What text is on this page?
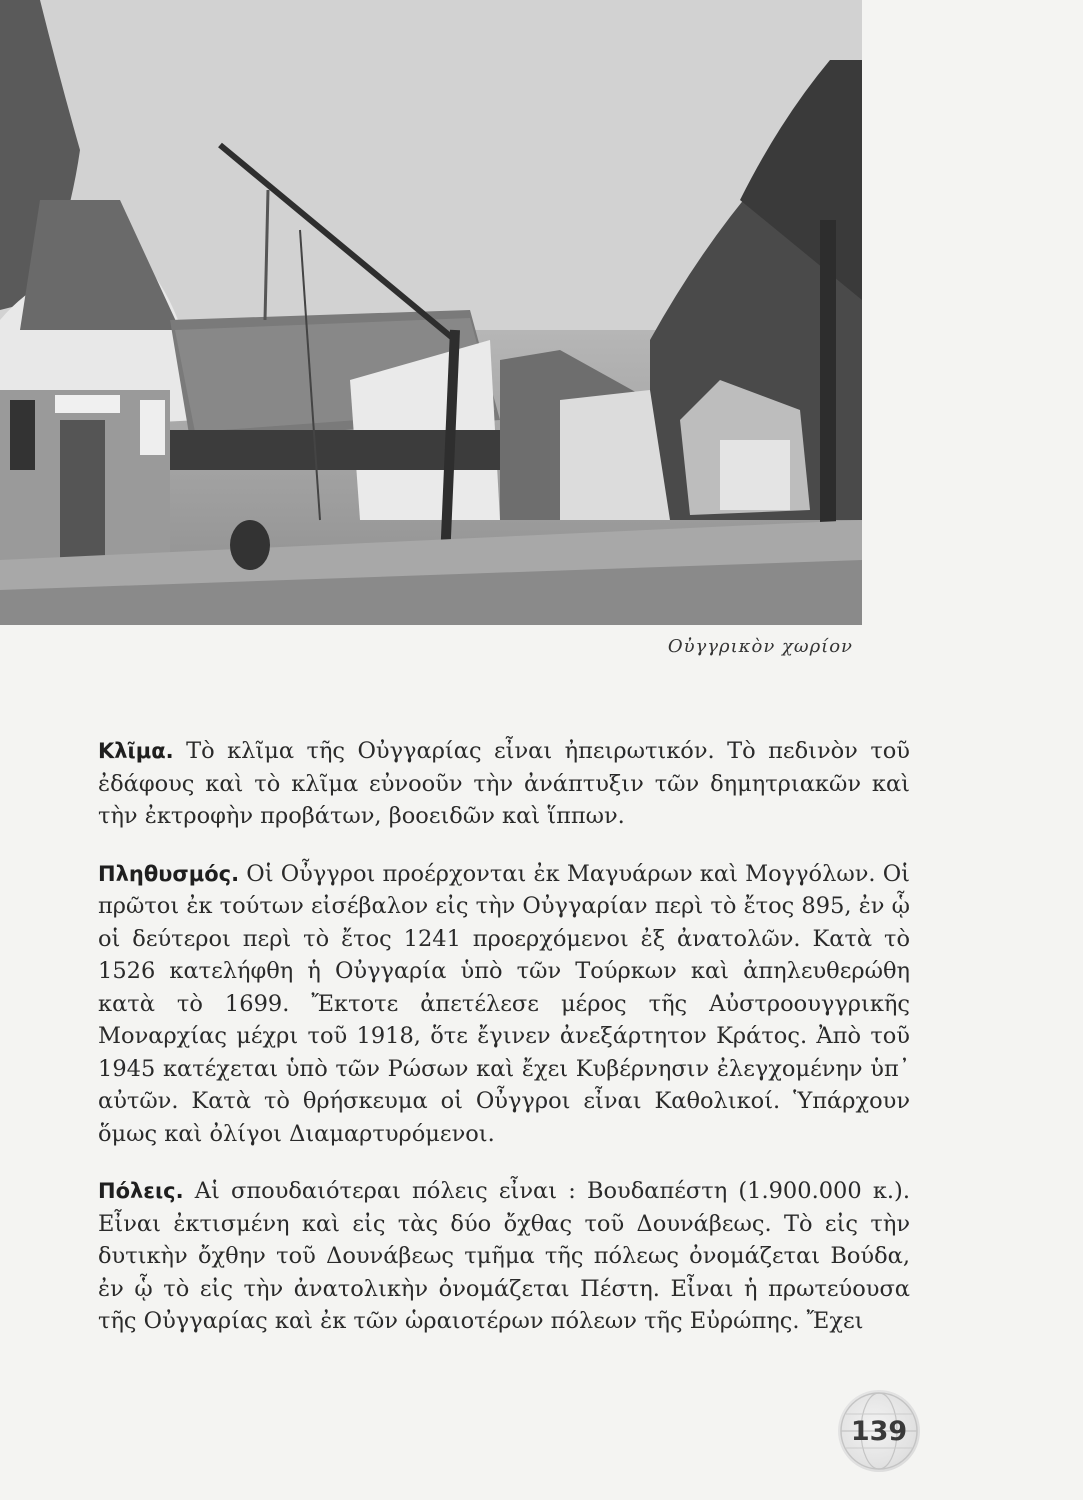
Οὐγγρικὸν χωρίον

Κλῖμα. Τὸ κλῖμα τῆς Οὐγγαρίας εἶναι ἠπειρωτικόν. Τὸ πεδινὸν τοῦ ἐδάφους καὶ τὸ κλῖμα εὐνοοῦν τὴν ἀνάπτυξιν τῶν δημητριακῶν καὶ τὴν ἐκτροφὴν προβάτων, βοοειδῶν καὶ ἵππων.

Πληθυσμός. Οἱ Οὖγγροι προέρχονται ἐκ Μαγυάρων καὶ Μογγόλων. Οἱ πρῶτοι ἐκ τούτων εἰσέβαλον εἰς τὴν Οὐγγαρίαν περὶ τὸ ἔτος 895, ἐν ᾧ οἱ δεύτεροι περὶ τὸ ἔτος 1241 προερχόμενοι ἐξ ἀνατολῶν. Κατὰ τὸ 1526 κατελήφθη ἡ Οὐγγαρία ὑπὸ τῶν Τούρκων καὶ ἀπηλευθερώθη κατὰ τὸ 1699. Ἔκτοτε ἀπετέλεσε μέρος τῆς Αὐστροουγγρικῆς Μοναρχίας μέχρι τοῦ 1918, ὅτε ἔγινεν ἀνεξάρτητον Κράτος. Ἀπὸ τοῦ 1945 κατέχεται ὑπὸ τῶν Ρώσων καὶ ἔχει Κυβέρνησιν ἐλεγχομένην ὑπ᾽ αὐτῶν. Κατὰ τὸ θρήσκευμα οἱ Οὖγγροι εἶναι Καθολικοί. Ὑπάρχουν ὅμως καὶ ὀλίγοι Διαμαρτυρόμενοι.

Πόλεις. Αἱ σπουδαιότεραι πόλεις εἶναι : Βουδαπέστη (1.900.000 κ.). Εἶναι ἐκτισμένη καὶ εἰς τὰς δύο ὄχθας τοῦ Δουνάβεως. Τὸ εἰς τὴν δυτικὴν ὄχθην τοῦ Δουνάβεως τμῆμα τῆς πόλεως ὀνομάζεται Βούδα, ἐν ᾧ τὸ εἰς τὴν ἀνατολικὴν ὀνομάζεται Πέστη. Εἶναι ἡ πρωτεύουσα τῆς Οὐγγαρίας καὶ ἐκ τῶν ὡραιοτέρων πόλεων τῆς Εὐρώπης. Ἔχει

139
